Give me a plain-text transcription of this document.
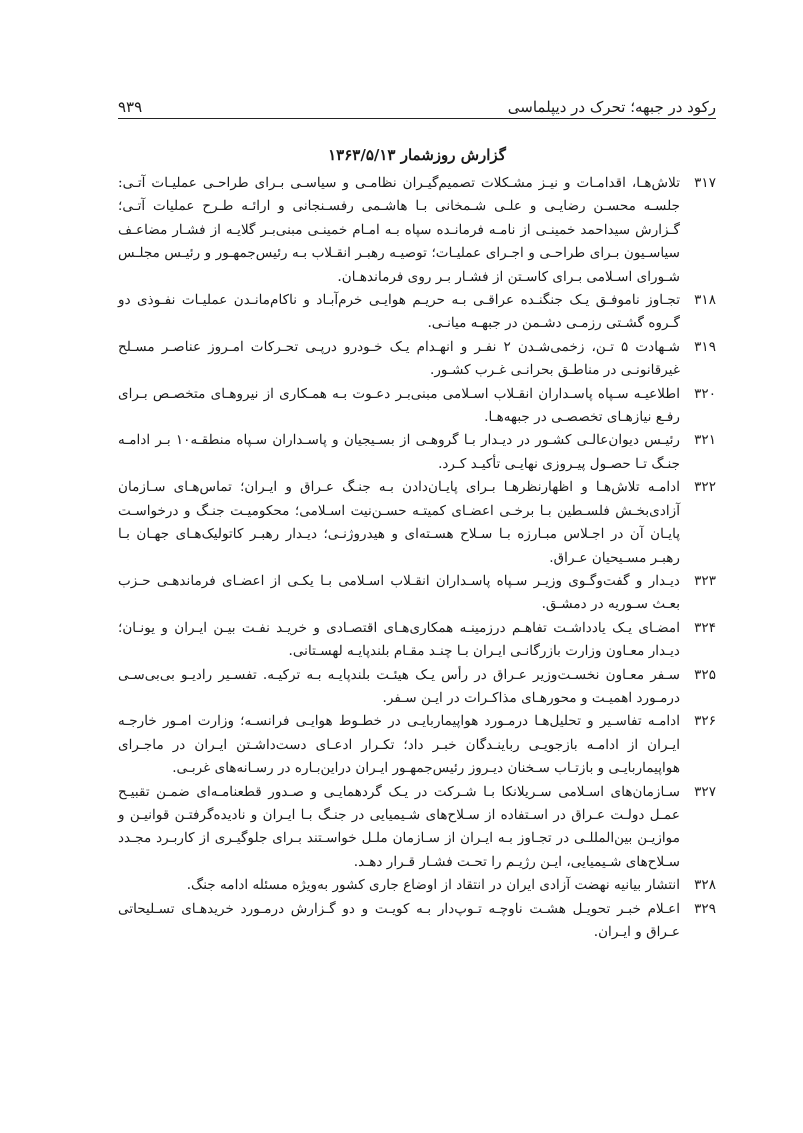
رکود در جبهه؛ تحرک در دیپلماسی
۹۳۹
گزارش روزشمار ۱۳۶۳/۵/۱۳
۳۱۷
تلاش‌هـا، اقدامـات و نیـز مشـکلات تصمیم‌گیـران نظامـی و سیاسـی بـرای طراحـی عملیـات آتـی: جلسـه محسـن رضایـی و علـی شـمخانی بـا هاشـمی رفسـنجانی و ارائـه طـرح عملیات آتـی؛ گـزارش سیداحمد خمینـی از نامـه فرمانـده سپاه بـه امـام خمینـی مبنی‌بـر گلایـه از فشـار مضاعـف سیاسـیون بـرای طراحـی و اجـرای عملیـات؛ توصیـه رهبـر انقـلاب بـه رئیس‌جمهـور و رئیـس مجلـس شـورای اسـلامی بـرای کاسـتن از فشـار بـر روی فرماندهـان.
۳۱۸
تجـاوز ناموفـق یـک جنگنـده عراقـی بـه حریـم هوایـی خرم‌آبـاد و ناکام‌مانـدن عملیـات نفـوذی دو گـروه گشـتی رزمـی دشـمن در جبهـه میانـی.
۳۱۹
شـهادت ۵ تـن، زخمی‌شـدن ۲ نفـر و انهـدام یـک خـودرو درپـی تحـرکات امـروز عناصـر مسـلح غیرقانونـی در مناطـق بحرانـی غـرب کشـور.
۳۲۰
اطلاعیـه سـپاه پاسـداران انقـلاب اسـلامی مبنی‌بـر دعـوت بـه همـکاری از نیروهـای متخصـص بـرای رفـع نیازهـای تخصصـی در جبهه‌هـا.
۳۲۱
رئیـس دیوان‌عالـی کشـور در دیـدار بـا گروهـی از بسـیجیان و پاسـداران سـپاه منطقـه۱۰ بـر ادامـه جنـگ تـا حصـول پیـروزی نهایـی تأکیـد کـرد.
۳۲۲
ادامـه تلاش‌هـا و اظهارنظرهـا بـرای پایـان‌دادن بـه جنـگ عـراق و ایـران؛ تماس‌هـای سـازمان آزادی‌بخـش فلسـطین بـا برخـی اعضـای کمیتـه حسـن‌نیت اسـلامی؛ محکومیـت جنـگ و درخواسـت پایـان آن در اجـلاس مبـارزه بـا سـلاح هسـته‌ای و هیدروژنـی؛ دیـدار رهبـر کاتولیک‌هـای جهـان بـا رهبـر مسـیحیان عـراق.
۳۲۳
دیـدار و گفت‌وگـوی وزیـر سـپاه پاسـداران انقـلاب اسـلامی بـا یکـی از اعضـای فرماندهـی حـزب بعـث سـوریه در دمشـق.
۳۲۴
امضـای یـک یادداشـت تفاهـم درزمینـه همکاری‌هـای اقتصـادی و خریـد نفـت بیـن ایـران و یونـان؛ دیـدار معـاون وزارت بازرگانـی ایـران بـا چنـد مقـام بلندپایـه لهسـتانی.
۳۲۵
سـفر معـاون نخسـت‌وزیر عـراق در رأس یـک هیئـت بلندپایـه بـه ترکیـه. تفسـیر رادیـو بی‌بی‌سـی درمـورد اهمیـت و محورهـای مذاکـرات در ایـن سـفر.
۳۲۶
ادامـه تفاسـیر و تحلیل‌هـا درمـورد هواپیماربایـی در خطـوط هوایـی فرانسـه؛ وزارت امـور خارجـه ایـران از ادامـه بازجویـی رباینـدگان خبـر داد؛ تکـرار ادعـای دست‌داشـتن ایـران در ماجـرای هواپیماربایـی و بازتـاب سـخنان دیـروز رئیس‌جمهـور ایـران دراین‌بـاره در رسـانه‌های غربـی.
۳۲۷
سـازمان‌های اسـلامی سـریلانکا بـا شـرکت در یـک گردهمایـی و صـدور قطعنامـه‌ای ضمـن تقبیـح عمـل دولـت عـراق در اسـتفاده از سـلاح‌های شـیمیایی در جنـگ بـا ایـران و نادیده‌گرفتـن قوانیـن و موازیـن بین‌المللـی در تجـاوز بـه ایـران از سـازمان ملـل خواسـتند بـرای جلوگیـری از کاربـرد مجـدد سـلاح‌های شـیمیایی، ایـن رژیـم را تحـت فشـار قـرار دهـد.
۳۲۸
انتشار بیانیه نهضت آزادی ایران در انتقاد از اوضاع جاری کشور به‌ویژه مسئله ادامه جنگ.
۳۲۹
اعـلام خبـر تحویـل هشـت ناوچـه تـوپ‌دار بـه کویـت و دو گـزارش درمـورد خریدهـای تسـلیحاتی عـراق و ایـران.
